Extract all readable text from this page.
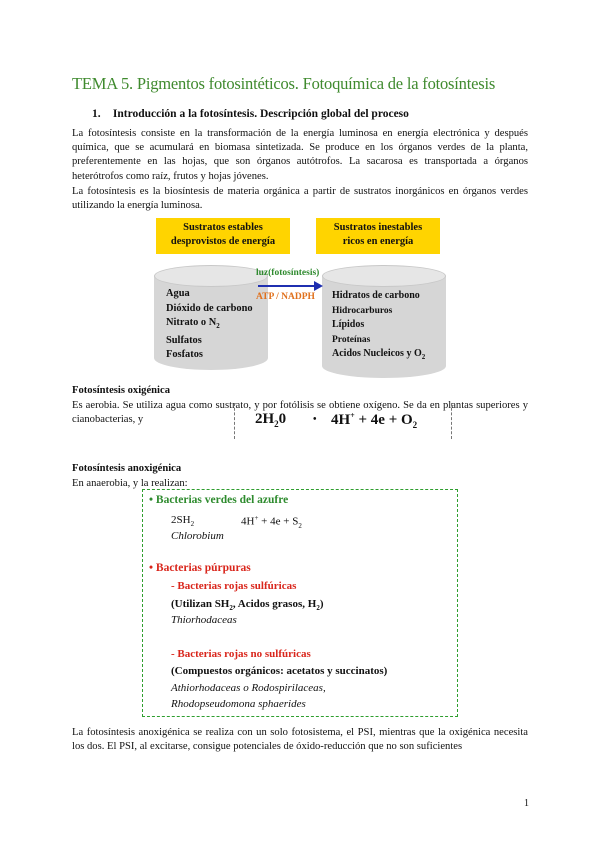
TEMA 5. Pigmentos fotosintéticos. Fotoquímica de la fotosíntesis
1. Introducción a la fotosíntesis. Descripción global del proceso
La fotosíntesis consiste en la transformación de la energía luminosa en energía electrónica y después química, que se acumulará en biomasa sintetizada. Se produce en los órganos verdes de la planta, preferentemente en las hojas, que son órganos autótrofos. La sacarosa es transportada a órganos heterótrofos como raíz, frutos y hojas jóvenes.
La fotosíntesis es la biosíntesis de materia orgánica a partir de sustratos inorgánicos en órganos verdes utilizando la energía luminosa.
Sustratos estables
desprovistos de energía
Sustratos inestables
ricos en energía
luz(fotosíntesis)
ATP / NADPH
Agua
Dióxido de carbono
Nitrato o $N_2$
Sulfatos
Fosfatos
Hidratos de carbono
Hidrocarburos
Lípidos
Proteínas
Acidos Nucleicos y $O_2$
Fotosíntesis oxigénica
Es aerobia. Se utiliza agua como sustrato, y por fotólisis se obtiene oxígeno. Se da en plantas superiores y cianobacterias, y	$2H_20$	• $4H^+ + 4e + O_2$
Fotosíntesis anoxigénica
En anaerobia, y la realizan:
• Bacterias verdes del azufre
$2SH_2$	$4H^+ + 4e + S_2$
Chlorobium
• Bacterias púrpuras
- Bacterias rojas sulfúricas
(Utilizan $SH_2$, Acidos grasos, $H_2$)
Thiorhodaceas
- Bacterias rojas no sulfúricas
(Compuestos orgánicos: acetatos y succinatos)
Athiorhodaceas o Rodospirilaceas,
Rhodopseudomona sphaerides
La fotosíntesis anoxigénica se realiza con un solo fotosistema, el PSI, mientras que la oxigénica necesita los dos. El PSI, al excitarse, consigue potenciales de óxido-reducción que no son suficientes
1
